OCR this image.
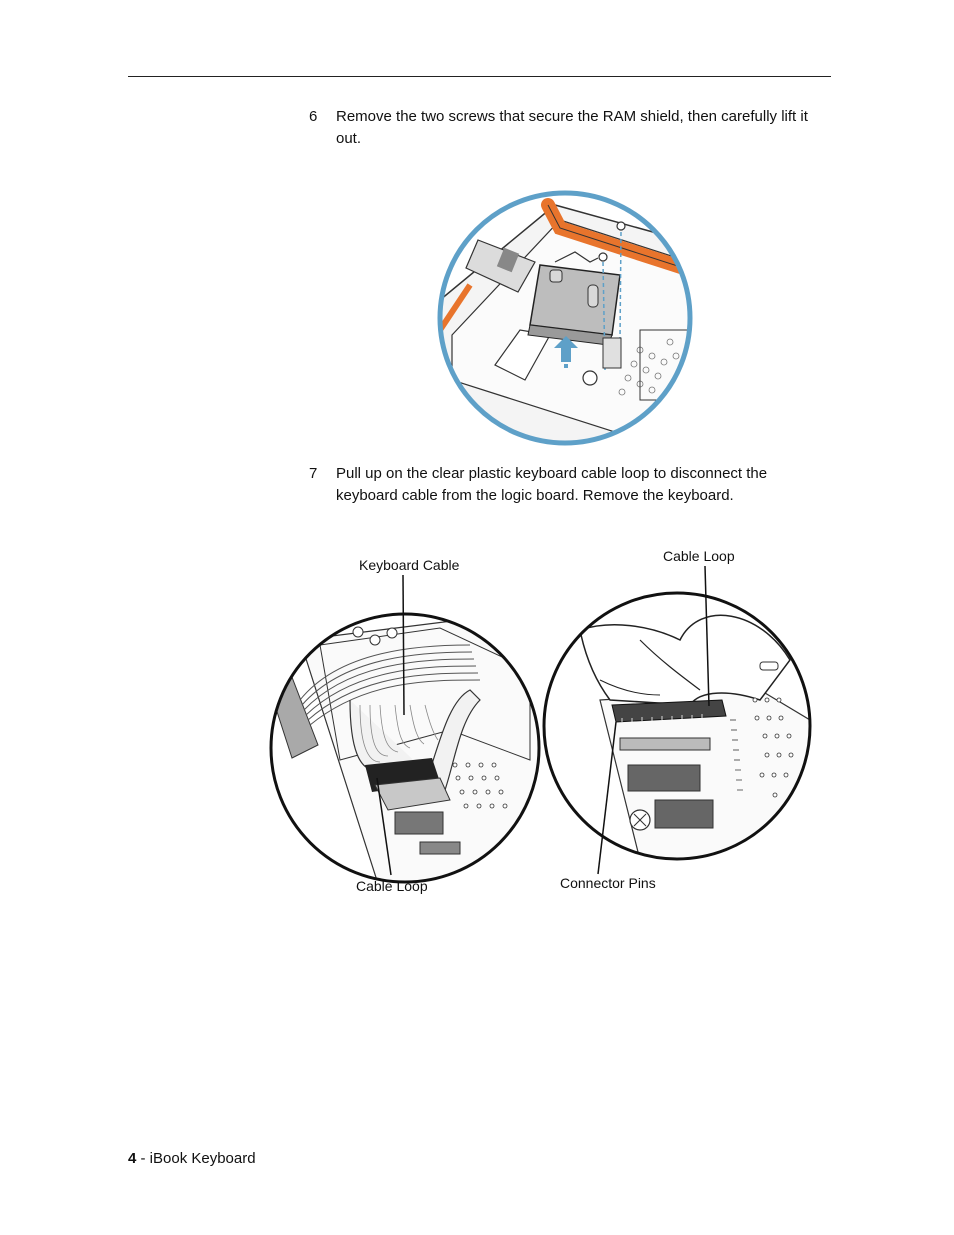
6 Remove the two screws that secure the RAM shield, then carefully lift it out.
7 Pull up on the clear plastic keyboard cable loop to disconnect the keyboard cable from the logic board. Remove the keyboard.
Keyboard Cable
Cable Loop
Cable Loop	Connector Pins
4 - iBook Keyboard
